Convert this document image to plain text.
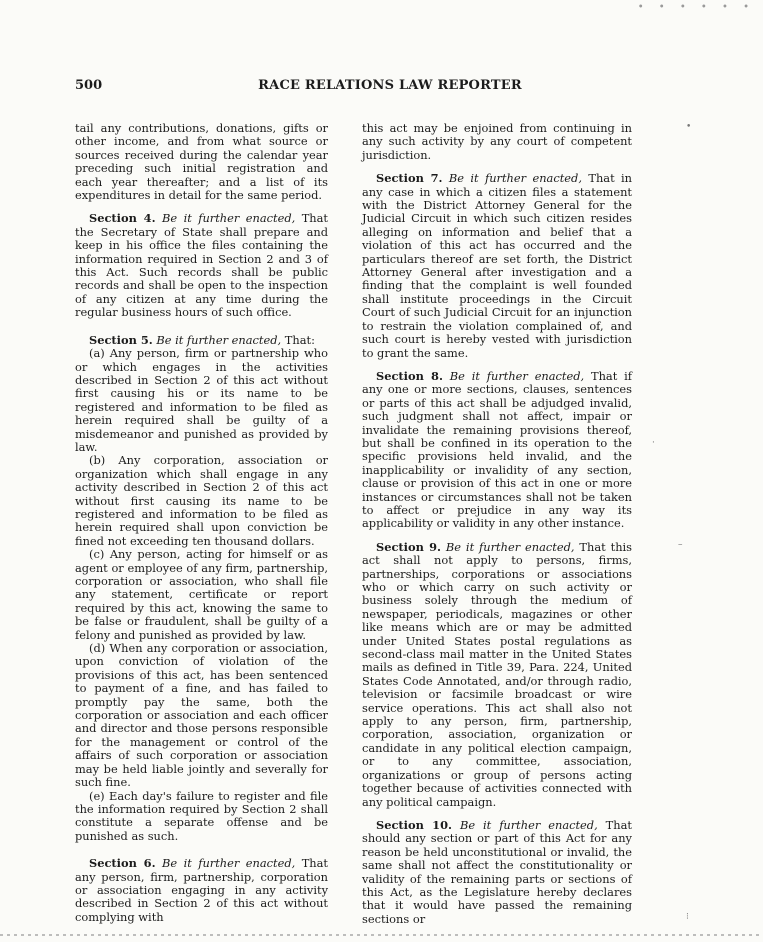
• • • • • •
500	RACE RELATIONS LAW REPORTER

tail any contributions, donations, gifts or other income, and from what source or sources received during the calendar year preceding such initial registration and each year thereafter; and a list of its expenditures in detail for the same period.

Section 4. Be it further enacted, That the Secretary of State shall prepare and keep in his office the files containing the information required in Section 2 and 3 of this Act. Such records shall be public records and shall be open to the inspection of any citizen at any time during the regular business hours of such office.

Section 5. Be it further enacted, That:

(a) Any person, firm or partnership who or which engages in the activities described in Section 2 of this act without first causing his or its name to be registered and information to be filed as herein required shall be guilty of a misdemeanor and punished as provided by law.

(b) Any corporation, association or organization which shall engage in any activity described in Section 2 of this act without first causing its name to be registered and information to be filed as herein required shall upon conviction be fined not exceeding ten thousand dollars.

(c) Any person, acting for himself or as agent or employee of any firm, partnership, corporation or association, who shall file any statement, certificate or report required by this act, knowing the same to be false or fraudulent, shall be guilty of a felony and punished as provided by law.

(d) When any corporation or association, upon conviction of violation of the provisions of this act, has been sentenced to payment of a fine, and has failed to promptly pay the same, both the corporation or association and each officer and director and those persons responsible for the management or control of the affairs of such corporation or association may be held liable jointly and severally for such fine.

(e) Each day's failure to register and file the information required by Section 2 shall constitute a separate offense and be punished as such.

Section 6. Be it further enacted, That any person, firm, partnership, corporation or association engaging in any activity described in Section 2 of this act without complying with

this act may be enjoined from continuing in any such activity by any court of competent jurisdiction.

Section 7. Be it further enacted, That in any case in which a citizen files a statement with the District Attorney General for the Judicial Circuit in which such citizen resides alleging on information and belief that a violation of this act has occurred and the particulars thereof are set forth, the District Attorney General after investigation and a finding that the complaint is well founded shall institute proceedings in the Circuit Court of such Judicial Circuit for an injunction to restrain the violation complained of, and such court is hereby vested with jurisdiction to grant the same.

Section 8. Be it further enacted, That if any one or more sections, clauses, sentences or parts of this act shall be adjudged invalid, such judgment shall not affect, impair or invalidate the remaining provisions thereof, but shall be confined in its operation to the specific provisions held invalid, and the inapplicability or invalidity of any section, clause or provision of this act in one or more instances or circumstances shall not be taken to affect or prejudice in any way its applicability or validity in any other instance.

Section 9. Be it further enacted, That this act shall not apply to persons, firms, partnerships, corporations or associations who or which carry on such activity or business solely through the medium of newspaper, periodicals, magazines or other like means which are or may be admitted under United States postal regulations as second-class mail matter in the United States mails as defined in Title 39, Para. 224, United States Code Annotated, and/or through radio, television or facsimile broadcast or wire service operations. This act shall also not apply to any person, firm, partnership, corporation, association, organization or candidate in any political election campaign, or to any committee, association, organizations or group of persons acting together because of activities connected with any political campaign.

Section 10. Be it further enacted, That should any section or part of this Act for any reason be held unconstitutional or invalid, the same shall not affect the constitutionality or validity of the remaining parts or sections of this Act, as the Legislature hereby declares that it would have passed the remaining sections or

•
·
–
⁝
